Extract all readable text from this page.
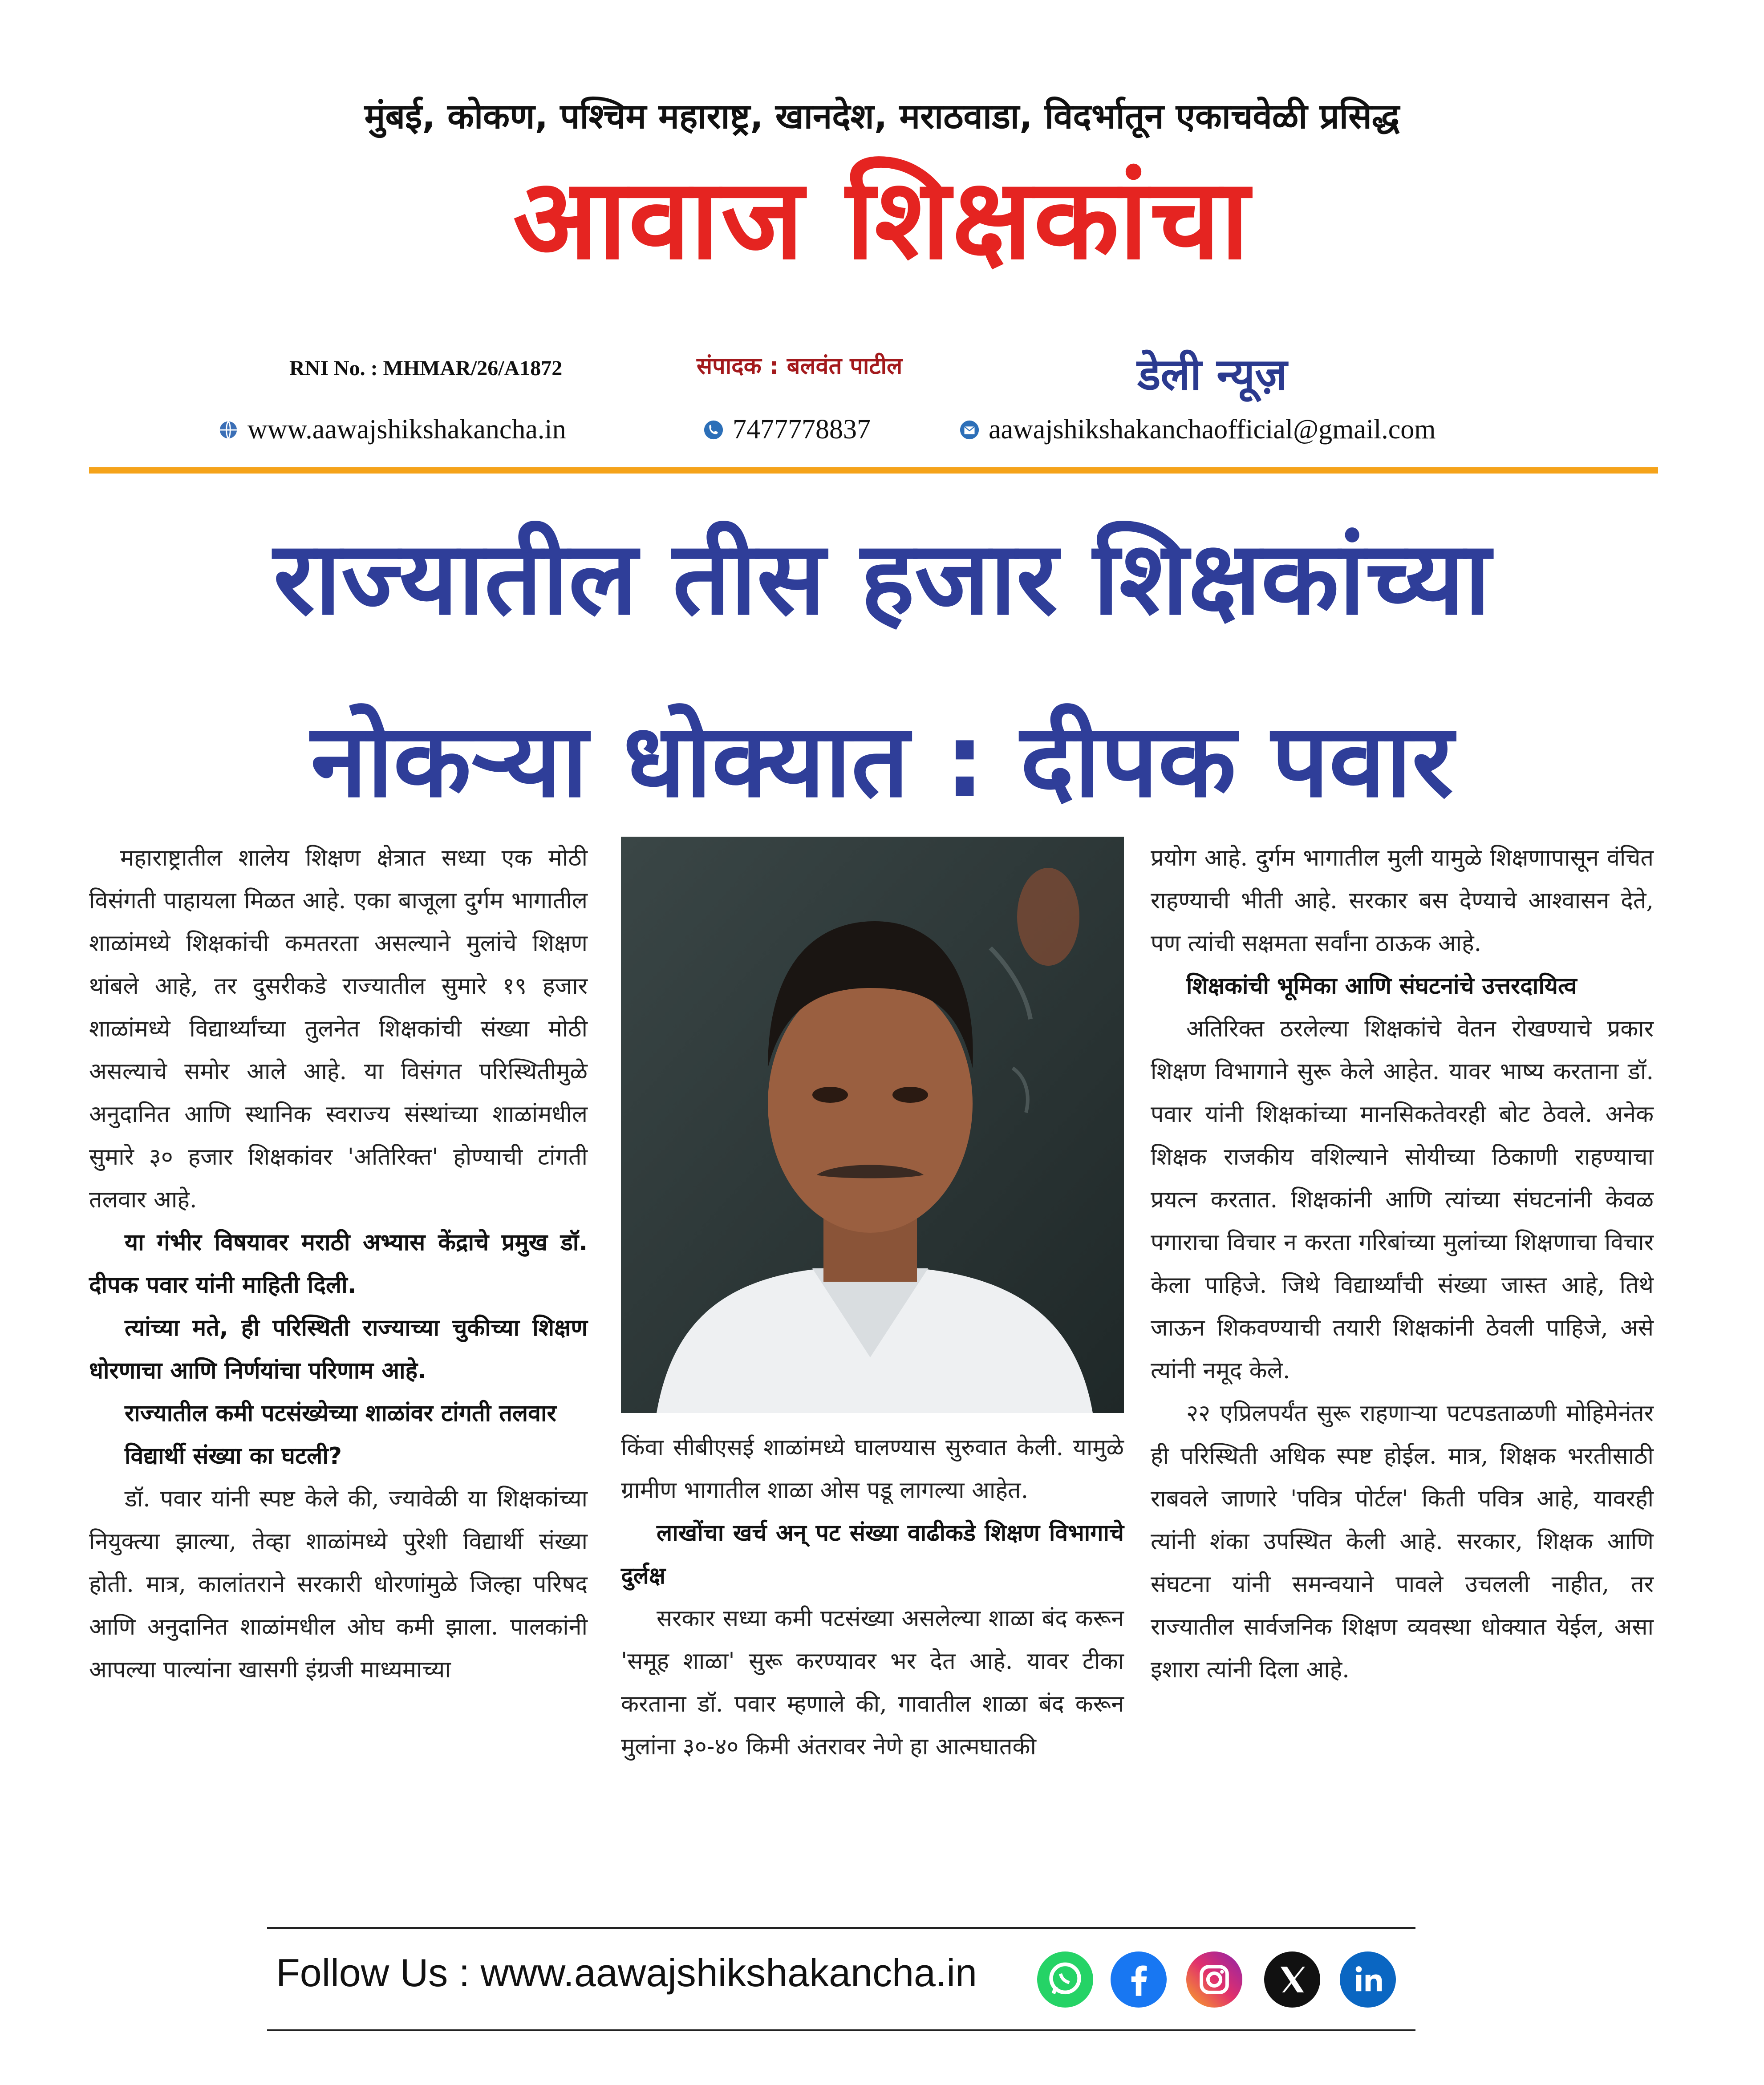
मुंबई, कोकण, पश्चिम महाराष्ट्र, खानदेश, मराठवाडा, विदर्भातून एकाचवेळी प्रसिद्ध
आवाज शिक्षकांचा
RNI No. : MHMAR/26/A1872	संपादक : बलवंत पाटील	डेली न्यूज़
www.aawajshikshakancha.in	7477778837	aawajshikshakanchaofficial@gmail.com
राज्यातील तीस हजार शिक्षकांच्या
नोकऱ्या धोक्यात : दीपक पवार

महाराष्ट्रातील शालेय शिक्षण क्षेत्रात सध्या एक मोठी विसंगती पाहायला मिळत आहे. एका बाजूला दुर्गम भागातील शाळांमध्ये शिक्षकांची कमतरता असल्याने मुलांचे शिक्षण थांबले आहे, तर दुसरीकडे राज्यातील सुमारे १९ हजार शाळांमध्ये विद्यार्थ्यांच्या तुलनेत शिक्षकांची संख्या मोठी असल्याचे समोर आले आहे. या विसंगत परिस्थितीमुळे अनुदानित आणि स्थानिक स्वराज्य संस्थांच्या शाळांमधील सुमारे ३० हजार शिक्षकांवर 'अतिरिक्त' होण्याची टांगती तलवार आहे.

या गंभीर विषयावर मराठी अभ्यास केंद्राचे प्रमुख डॉ. दीपक पवार यांनी माहिती दिली.

त्यांच्या मते, ही परिस्थिती राज्याच्या चुकीच्या शिक्षण धोरणाचा आणि निर्णयांचा परिणाम आहे.

राज्यातील कमी पटसंख्येच्या शाळांवर टांगती तलवार

विद्यार्थी संख्या का घटली?

डॉ. पवार यांनी स्पष्ट केले की, ज्यावेळी या शिक्षकांच्या नियुक्त्या झाल्या, तेव्हा शाळांमध्ये पुरेशी विद्यार्थी संख्या होती. मात्र, कालांतराने सरकारी धोरणांमुळे जिल्हा परिषद आणि अनुदानित शाळांमधील ओघ कमी झाला. पालकांनी आपल्या पाल्यांना खासगी इंग्रजी माध्यमाच्या

किंवा सीबीएसई शाळांमध्ये घालण्यास सुरुवात केली. यामुळे ग्रामीण भागातील शाळा ओस पडू लागल्या आहेत.

लाखोंचा खर्च अन् पट संख्या वाढीकडे शिक्षण विभागाचे दुर्लक्ष

सरकार सध्या कमी पटसंख्या असलेल्या शाळा बंद करून 'समूह शाळा' सुरू करण्यावर भर देत आहे. यावर टीका करताना डॉ. पवार म्हणाले की, गावातील शाळा बंद करून मुलांना ३०-४० किमी अंतरावर नेणे हा आत्मघातकी

प्रयोग आहे. दुर्गम भागातील मुली यामुळे शिक्षणापासून वंचित राहण्याची भीती आहे. सरकार बस देण्याचे आश्वासन देते, पण त्यांची सक्षमता सर्वांना ठाऊक आहे.

शिक्षकांची भूमिका आणि संघटनांचे उत्तरदायित्व

अतिरिक्त ठरलेल्या शिक्षकांचे वेतन रोखण्याचे प्रकार शिक्षण विभागाने सुरू केले आहेत. यावर भाष्य करताना डॉ. पवार यांनी शिक्षकांच्या मानसिकतेवरही बोट ठेवले. अनेक शिक्षक राजकीय वशिल्याने सोयीच्या ठिकाणी राहण्याचा प्रयत्न करतात. शिक्षकांनी आणि त्यांच्या संघटनांनी केवळ पगाराचा विचार न करता गरिबांच्या मुलांच्या शिक्षणाचा विचार केला पाहिजे. जिथे विद्यार्थ्यांची संख्या जास्त आहे, तिथे जाऊन शिकवण्याची तयारी शिक्षकांनी ठेवली पाहिजे, असे त्यांनी नमूद केले.

२२ एप्रिलपर्यंत सुरू राहणाऱ्या पटपडताळणी मोहिमेनंतर ही परिस्थिती अधिक स्पष्ट होईल. मात्र, शिक्षक भरतीसाठी राबवले जाणारे 'पवित्र पोर्टल' किती पवित्र आहे, यावरही त्यांनी शंका उपस्थित केली आहे. सरकार, शिक्षक आणि संघटना यांनी समन्वयाने पावले उचलली नाहीत, तर राज्यातील सार्वजनिक शिक्षण व्यवस्था धोक्यात येईल, असा इशारा त्यांनी दिला आहे.

Follow Us : www.aawajshikshakancha.in
